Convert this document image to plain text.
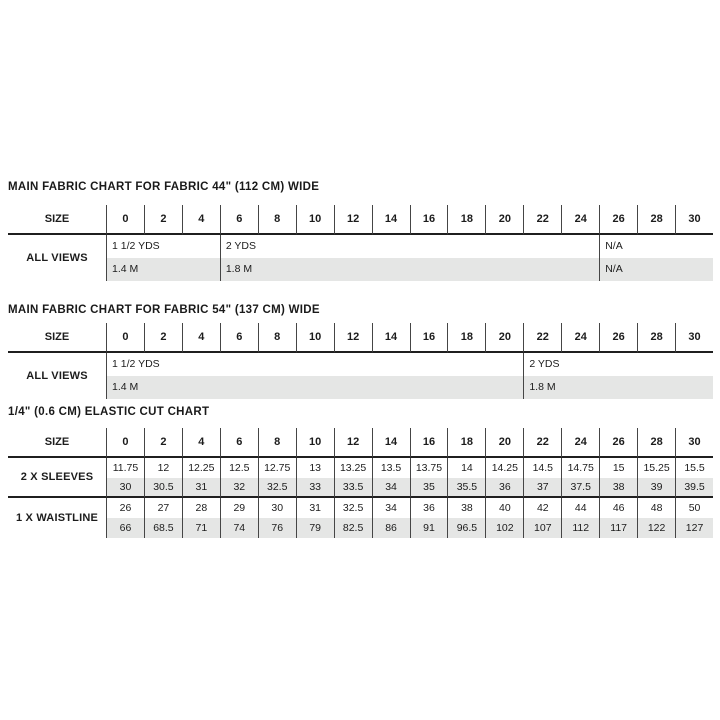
MAIN FABRIC CHART FOR FABRIC 44" (112 CM) WIDE
SIZE	0	2	4	6	8	10	12	14	16	18	20	22	24	26	28	30
ALL VIEWS
1 1/2 YDS	2 YDS	N/A
1.4 M	1.8 M	N/A
MAIN FABRIC CHART FOR FABRIC 54" (137 CM) WIDE
SIZE	0	2	4	6	8	10	12	14	16	18	20	22	24	26	28	30
ALL VIEWS
1 1/2 YDS	2 YDS
1.4 M	1.8 M
1/4" (0.6 CM) ELASTIC CUT CHART
SIZE	0	2	4	6	8	10	12	14	16	18	20	22	24	26	28	30
2 X SLEEVES
11.75	12	12.25	12.5	12.75	13	13.25	13.5	13.75	14	14.25	14.5	14.75	15	15.25	15.5
30	30.5	31	32	32.5	33	33.5	34	35	35.5	36	37	37.5	38	39	39.5
1 X WAISTLINE
26	27	28	29	30	31	32.5	34	36	38	40	42	44	46	48	50
66	68.5	71	74	76	79	82.5	86	91	96.5	102	107	112	117	122	127
